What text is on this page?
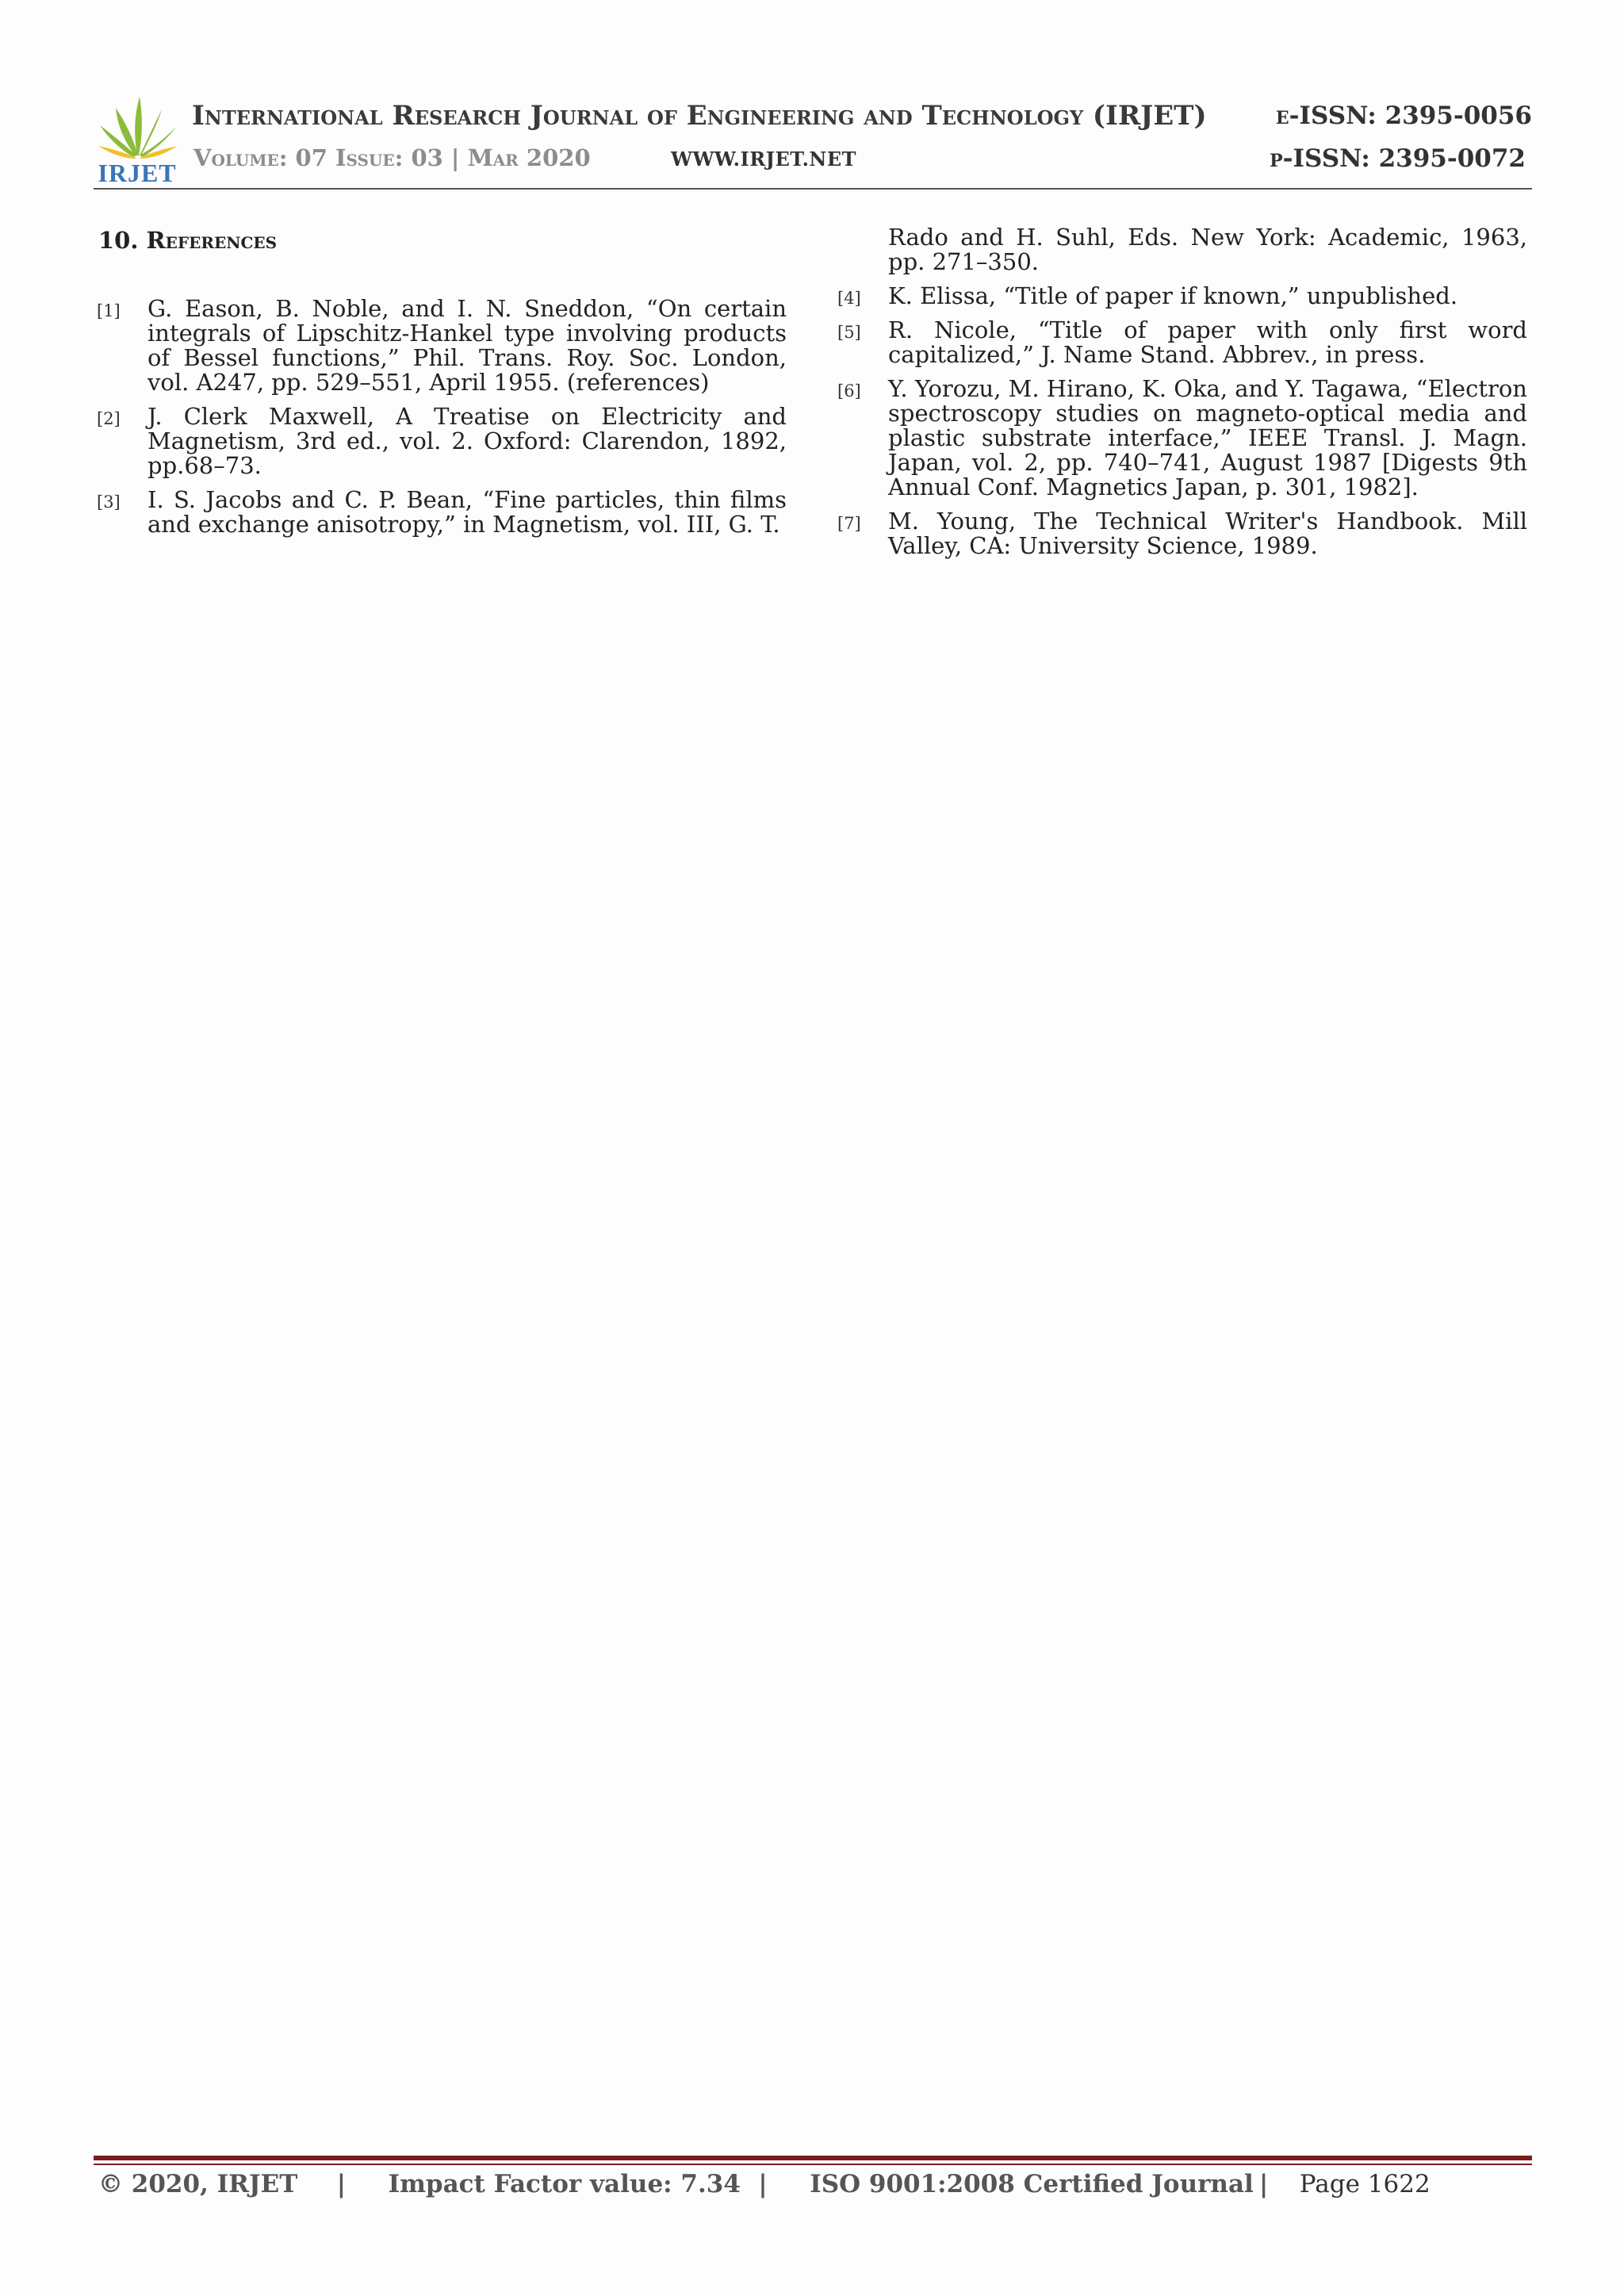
IRJET
International Research Journal of Engineering and Technology (IRJET)
Volume: 07 Issue: 03 | Mar 2020	WWW.IRJET.NET
e-ISSN: 2395-0056
p-ISSN: 2395-0072
10. References
[1] G. Eason, B. Noble, and I. N. Sneddon, “On certain integrals of Lipschitz-Hankel type involving products of Bessel functions,” Phil. Trans. Roy. Soc. London, vol. A247, pp. 529–551, April 1955. (references)
[2] J. Clerk Maxwell, A Treatise on Electricity and Magnetism, 3rd ed., vol. 2. Oxford: Clarendon, 1892, pp.68–73.
[3] I. S. Jacobs and C. P. Bean, “Fine particles, thin films and exchange anisotropy,” in Magnetism, vol. III, G. T.
Rado and H. Suhl, Eds. New York: Academic, 1963, pp. 271–350.
[4] K. Elissa, “Title of paper if known,” unpublished.
[5] R. Nicole, “Title of paper with only first word capitalized,” J. Name Stand. Abbrev., in press.
[6] Y. Yorozu, M. Hirano, K. Oka, and Y. Tagawa, “Electron spectroscopy studies on magneto-optical media and plastic substrate interface,” IEEE Transl. J. Magn. Japan, vol. 2, pp. 740–741, August 1987 [Digests 9th Annual Conf. Magnetics Japan, p. 301, 1982].
[7] M. Young, The Technical Writer's Handbook. Mill Valley, CA: University Science, 1989.
© 2020, IRJET | Impact Factor value: 7.34 | ISO 9001:2008 Certified Journal | Page 1622
